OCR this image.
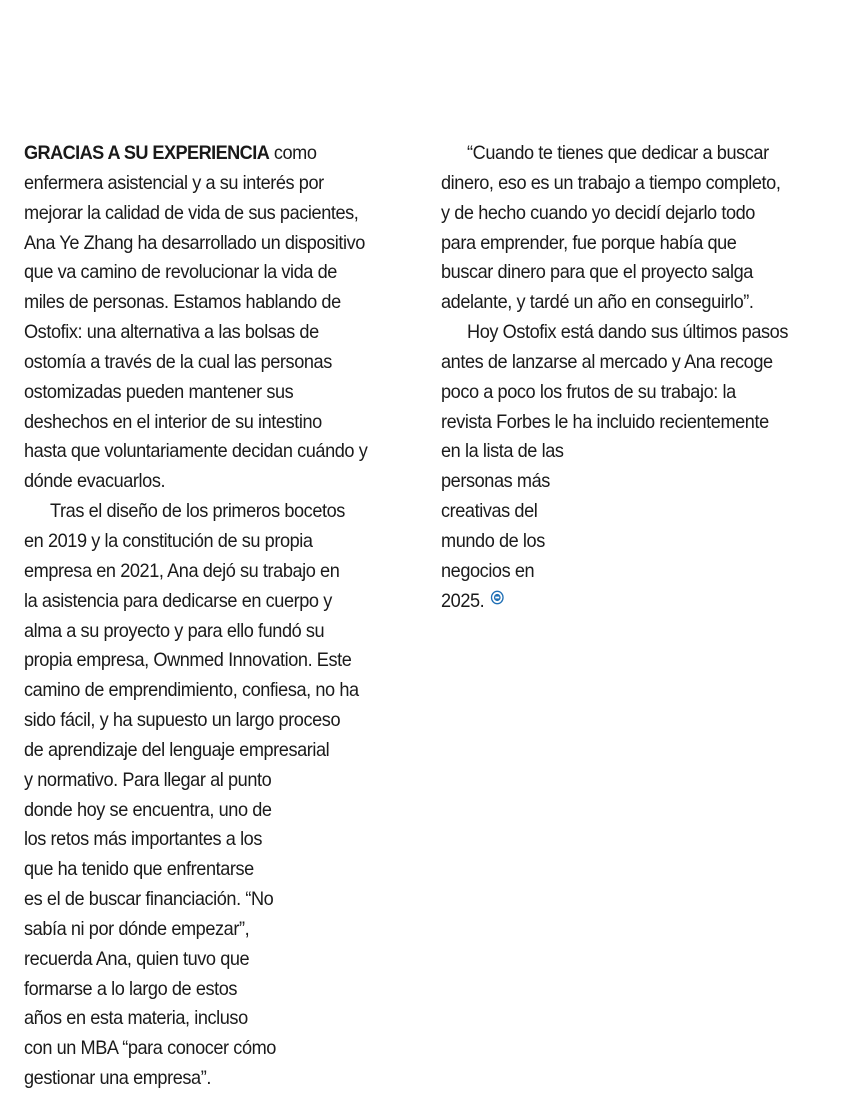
GRACIAS A SU EXPERIENCIA como
enfermera asistencial y a su interés por
mejorar la calidad de vida de sus pacientes,
Ana Ye Zhang ha desarrollado un dispositivo
que va camino de revolucionar la vida de
miles de personas. Estamos hablando de
Ostofix: una alternativa a las bolsas de
ostomía a través de la cual las personas
ostomizadas pueden mantener sus
deshechos en el interior de su intestino
hasta que voluntariamente decidan cuándo y
dónde evacuarlos.
Tras el diseño de los primeros bocetos
en 2019 y la constitución de su propia
empresa en 2021, Ana dejó su trabajo en
la asistencia para dedicarse en cuerpo y
alma a su proyecto y para ello fundó su
propia empresa, Ownmed Innovation. Este
camino de emprendimiento, confiesa, no ha
sido fácil, y ha supuesto un largo proceso
de aprendizaje del lenguaje empresarial
y normativo. Para llegar al punto
donde hoy se encuentra, uno de
los retos más importantes a los
que ha tenido que enfrentarse
es el de buscar financiación. “No
sabía ni por dónde empezar”,
recuerda Ana, quien tuvo que
formarse a lo largo de estos
años en esta materia, incluso
con un MBA “para conocer cómo
gestionar una empresa”.
“Cuando te tienes que dedicar a buscar
dinero, eso es un trabajo a tiempo completo,
y de hecho cuando yo decidí dejarlo todo
para emprender, fue porque había que
buscar dinero para que el proyecto salga
adelante, y tardé un año en conseguirlo”.
Hoy Ostofix está dando sus últimos pasos
antes de lanzarse al mercado y Ana recoge
poco a poco los frutos de su trabajo: la
revista Forbes le ha incluido recientemente
en la lista de las
personas más
creativas del
mundo de los
negocios en
2025.
